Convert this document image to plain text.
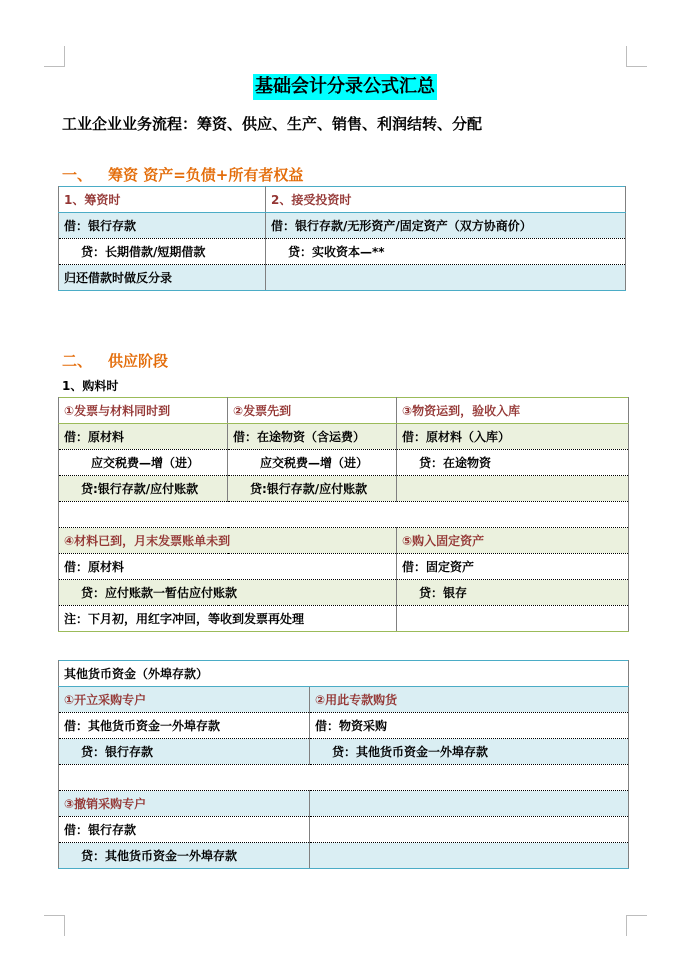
基础会计分录公式汇总
工业企业业务流程：筹资、供应、生产、销售、利润结转、分配
一、 筹资 资产=负债+所有者权益
1、筹资时	2、接受投资时
借：银行存款	借：银行存款/无形资产/固定资产（双方协商价）
贷：长期借款/短期借款	贷：实收资本—**
归还借款时做反分录	
二、 供应阶段
1、购料时
①发票与材料同时到	②发票先到	③物资运到，验收入库
借：原材料	借：在途物资（含运费）	借：原材料（入库）
应交税费—增（进）	应交税费—增（进）	贷：在途物资
贷:银行存款/应付账款	贷:银行存款/应付账款	

④材料已到，月末发票账单未到		⑤购入固定资产
借：原材料		借：固定资产
贷：应付账款一暂估应付账款		贷：银存
注：下月初，用红字冲回，等收到发票再处理		
其他货币资金（外埠存款）	
①开立采购专户	②用此专款购货
借：其他货币资金一外埠存款	借：物资采购
贷：银行存款	贷：其他货币资金一外埠存款

③撤销采购专户	
借：银行存款	
贷：其他货币资金一外埠存款	
